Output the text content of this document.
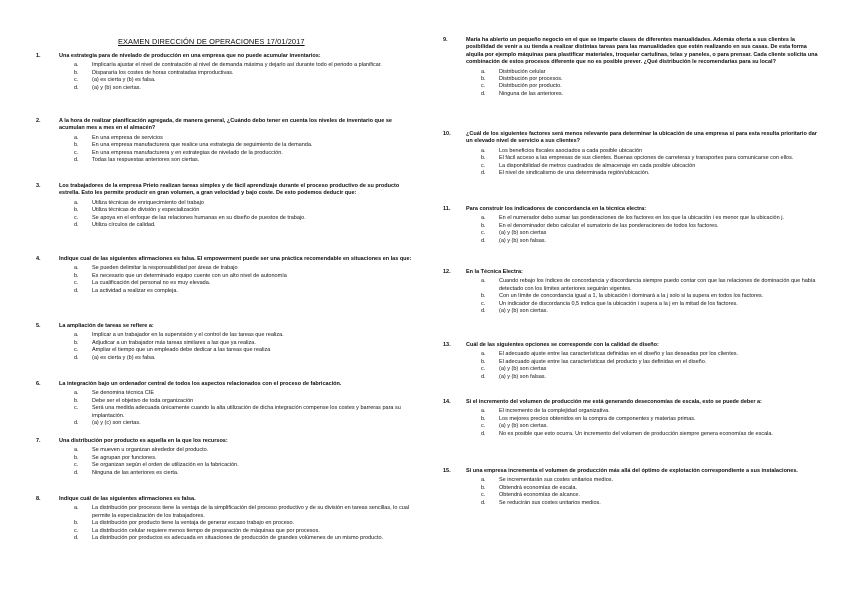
EXAMEN DIRECCIÓN DE OPERACIONES 17/01/2017
1.	Una estrategia para de nivelado de producción en una empresa que no puede acumular inventarios:
a. Implicaría ajustar el nivel de contratación al nivel de demanda máxima y dejarlo así durante todo el periodo a planificar.
b. Dispararía los costes de horas contratadas improductivas.
c. (a) es cierta y (b) es falsa.
d. (a) y (b) son ciertas.
2.	A la hora de realizar planificación agregada, de manera general, ¿Cuándo debo tener en cuenta los niveles de inventario que se acumulan mes a mes en el almacén?
a. En una empresa de servicios
b. En una empresa manufacturera que realice una estrategia de seguimiento de la demanda.
c. En una empresa manufacturera y en estrategias de nivelado de la producción.
d. Todas las respuestas anteriores son ciertas.
3.	Los trabajadores de la empresa Prieto realizan tareas simples y de fácil aprendizaje durante el proceso productivo de su producto estrella. Esto les permite producir en gran volumen, a gran velocidad y bajo coste. De esto podemos deducir que:
a. Utiliza técnicas de enriquecimiento del trabajo
b. Utiliza técnicas de división y especialización
c. Se apoya en el enfoque de las relaciones humanas en su diseño de puestos de trabajo.
d. Utiliza círculos de calidad.
4.	Indique cual de las siguientes afirmaciones es falsa. El empowerment puede ser una práctica recomendable en situaciones en las que:
a. Se pueden delimitar la responsabilidad por áreas de trabajo
b. Es necesario que un determinado equipo cuente con un alto nivel de autonomía
c. La cualificación del personal no es muy elevada.
d. La actividad a realizar es compleja.
5.	La ampliación de tareas se refiere a:
a. Implicar a un trabajador en la supervisión y el control de las tareas que realiza.
b. Adjudicar a un trabajador más tareas similares a las que ya realiza.
c. Ampliar el tiempo que un empleado debe dedicar a las tareas que realiza
d. (a) es cierta y (b) es falsa.
6.	La integración bajo un ordenador central de todos los aspectos relacionados con el proceso de fabricación.
a. Se denomina técnica CIE
b. Debe ser el objetivo de toda organización
c. Será una medida adecuada únicamente cuando la alta utilización de dicha integración compense los costes y barreras para su implantación.
d. (a) y (c) son ciertas.
7.	Una distribución por producto es aquella en la que los recursos:
a. Se mueven u organizan alrededor del producto.
b. Se agrupan por funciones.
c. Se organizan según el orden de utilización en la fabricación.
d. Ninguna de las anteriores es cierta.
8.	Indique cuál de las siguientes afirmaciones es falsa.
a. La distribución por procesos tiene la ventaja de la simplificación del proceso productivo y de su división en tareas sencillas, lo cual permite la especialización de los trabajadores.
b. La distribución por producto tiene la ventaja de generar escaso trabajo en proceso.
c. La distribución celular requiere menos tiempo de preparación de máquinas que por procesos.
d. La distribución por productos es adecuada en situaciones de producción de grandes volúmenes de un mismo producto.
9.	María ha abierto un pequeño negocio en el que se imparte clases de diferentes manualidades. Además oferta a sus clientes la posibilidad de venir a su tienda a realizar distintas tareas para las manualidades que estén realizando en sus casas. De esta forma alquila por ejemplo máquinas para plastificar materiales, troquelar cartulinas, telas y paneles, o para prensar. Cada cliente solicita una combinación de estos procesos diferente que no es posible prever. ¿Qué distribución le recomendarías para su local?
a. Distribución celular
b. Distribución por procesos.
c. Distribución por producto.
d. Ninguna de las anteriores.
10.	¿Cuál de los siguientes factores será menos relevante para determinar la ubicación de una empresa si para esta resulta prioritario dar un elevado nivel de servicio a sus clientes?
a. Los beneficios fiscales asociados a cada posible ubicación
b. El fácil acceso a las empresas de sus clientes. Buenas opciones de carreteras y transportes para comunicarse con ellos.
c. La disponibilidad de metros cuadrados de almacenaje en cada posible ubicación
d. El nivel de sindicalismo de una determinada región/ubicación.
11.	Para construir los indicadores de concordancia en la técnica electra:
a. En el numerador debo sumar las ponderaciones de los factores en los que la ubicación i es menor que la ubicación j.
b. En el denominador debo calcular el sumatorio de las ponderaciones de todos los factores.
c. (a) y (b) son ciertas
d. (a) y (b) son falsas.
12.	En la Técnica Electra:
a. Cuando rebajo los índices de concordancia y discordancia siempre puedo contar con que las relaciones de dominación que había detectado con los límites anteriores seguirán vigentes.
b. Con un límite de concordancia igual a 1, la ubicación i dominará a la j solo si la supera en todos los factores.
c. Un indicador de discordancia 0,5 indica que la ubicación i supera a la j en la mitad de los factores.
d. (a) y (b) son ciertas.
13.	Cuál de las siguientes opciones se corresponde con la calidad de diseño:
a. El adecuado ajuste entre las características definidas en el diseño y las deseadas por los clientes.
b. El adecuado ajuste entre las características del producto y las definidas en el diseño.
c. (a) y (b) son ciertas
d. (a) y (b) son falsas.
14.	Si el incremento del volumen de producción me está generando deseconomías de escala, esto se puede deber a:
a. El incremento de la complejidad organizativa.
b. Los mejores precios obtenidos en la compra de componentes y materias primas.
c. (a) y (b) son ciertas.
d. No es posible que esto ocurra. Un incremento del volumen de producción siempre genera economías de escala.
15.	Si una empresa incrementa el volumen de producción más allá del óptimo de explotación correspondiente a sus instalaciones.
a. Se incrementarán sus costes unitarios medios.
b. Obtendrá economías de escala.
c. Obtendrá economías de alcance.
d. Se reducirán sus costes unitarios medios.
